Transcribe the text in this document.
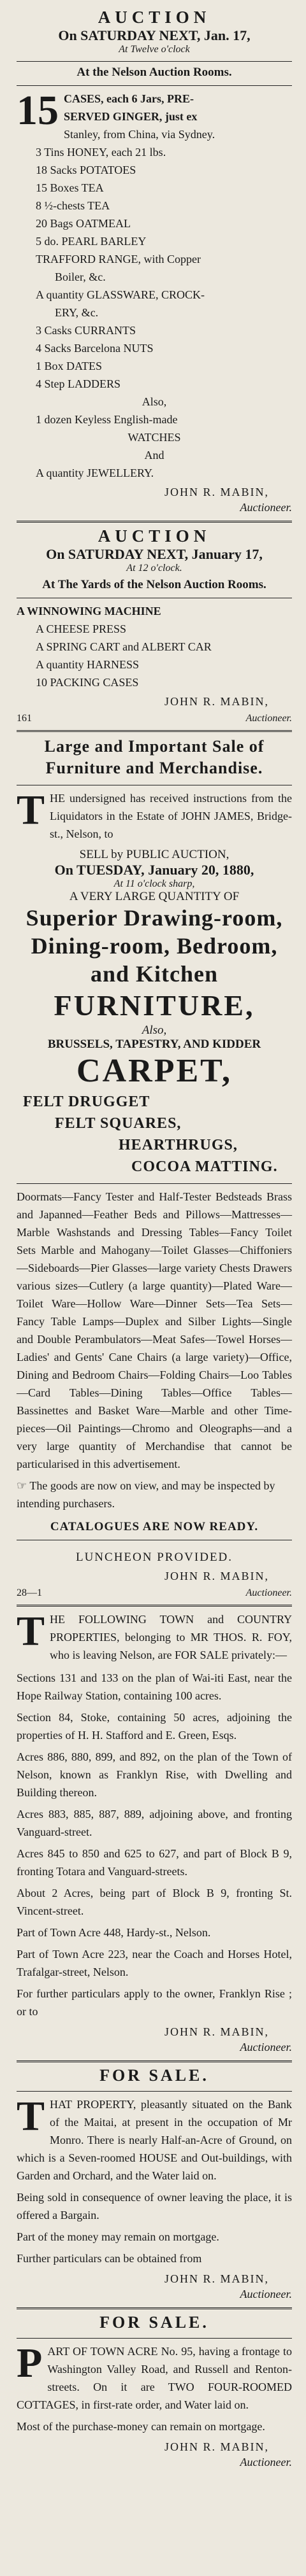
AUCTION
On SATURDAY NEXT, Jan. 17,
At Twelve o'clock
At the Nelson Auction Rooms.
15 CASES, each 6 Jars, PRE-
SERVED GINGER, just ex
Stanley, from China, via Sydney.
3 Tins HONEY, each 21 lbs.
18 Sacks POTATOES
15 Boxes TEA
8 ½-chests TEA
20 Bags OATMEAL
5 do. PEARL BARLEY
TRAFFORD RANGE, with Copper
Boiler, &c.
A quantity GLASSWARE, CROCK-
ERY, &c.
3 Casks CURRANTS
4 Sacks Barcelona NUTS
1 Box DATES
4 Step LADDERS
Also,
1 dozen Keyless English-made
WATCHES
And
A quantity JEWELLERY.
JOHN R. MABIN,
Auctioneer.
AUCTION
On SATURDAY NEXT, January 17,
At 12 o'clock.
At The Yards of the Nelson Auction Rooms.
A WINNOWING MACHINE
A CHEESE PRESS
A SPRING CART and ALBERT CAR
A quantity HARNESS
10 PACKING CASES
JOHN R. MABIN,
161	Auctioneer.
Large and Important Sale of
Furniture and Merchandise.
T HE undersigned has received instructions from the Liquidators in the Estate of JOHN JAMES, Bridge-st., Nelson, to
SELL by PUBLIC AUCTION,
On TUESDAY, January 20, 1880,
At 11 o'clock sharp,
A VERY LARGE QUANTITY OF
Superior Drawing-room,
Dining-room, Bedroom,
and Kitchen
FURNITURE,
Also,
BRUSSELS, TAPESTRY, AND KIDDER
CARPET,
FELT DRUGGET
FELT SQUARES,
HEARTHRUGS,
COCOA MATTING.

Doormats—Fancy Tester and Half-Tester Bedsteads Brass and Japanned—Feather Beds and Pillows—Mattresses—Marble Washstands and Dressing Tables—Fancy Toilet Sets Marble and Mahogany—Toilet Glasses—Chiffoniers—Sideboards—Pier Glasses—large variety Chests Drawers various sizes—Cutlery (a large quantity)—Plated Ware—Toilet Ware—Hollow Ware—Dinner Sets—Tea Sets—Fancy Table Lamps—Duplex and Silber Lights—Single and Double Perambulators—Meat Safes—Towel Horses—Ladies' and Gents' Cane Chairs (a large variety)—Office, Dining and Bedroom Chairs—Folding Chairs—Loo Tables—Card Tables—Dining Tables—Office Tables—Bassinettes and Basket Ware—Marble and other Time-pieces—Oil Paintings—Chromo and Oleographs—and a very large quantity of Merchandise that cannot be particularised in this advertisement.

☞ The goods are now on view, and may be inspected by intending purchasers.
CATALOGUES ARE NOW READY.
LUNCHEON PROVIDED.
JOHN R. MABIN,
28—1	Auctioneer.
T HE FOLLOWING TOWN and COUNTRY PROPERTIES, belonging to MR THOS. R. FOY, who is leaving Nelson, are FOR SALE privately:—

Sections 131 and 133 on the plan of Wai-iti East, near the Hope Railway Station, containing 100 acres.

Section 84, Stoke, containing 50 acres, adjoining the properties of H. H. Stafford and E. Green, Esqs.

Acres 886, 880, 899, and 892, on the plan of the Town of Nelson, known as Franklyn Rise, with Dwelling and Building thereon.

Acres 883, 885, 887, 889, adjoining above, and fronting Vanguard-street.

Acres 845 to 850 and 625 to 627, and part of Block B 9, fronting Totara and Vanguard-streets.

About 2 Acres, being part of Block B 9, fronting St. Vincent-street.

Part of Town Acre 448, Hardy-st., Nelson.

Part of Town Acre 223, near the Coach and Horses Hotel, Trafalgar-street, Nelson.

For further particulars apply to the owner, Franklyn Rise ; or to

JOHN R. MABIN,
Auctioneer.
FOR SALE.
T HAT PROPERTY, pleasantly situated on the Bank of the Maitai, at present in the occupation of Mr Monro. There is nearly Half-an-Acre of Ground, on which is a Seven-roomed HOUSE and Out-buildings, with Garden and Orchard, and the Water laid on.

Being sold in consequence of owner leaving the place, it is offered a Bargain.

Part of the money may remain on mortgage.

Further particulars can be obtained from

JOHN R. MABIN,
Auctioneer.
FOR SALE.
P ART OF TOWN ACRE No. 95, having a frontage to Washington Valley Road, and Russell and Renton-streets. On it are TWO FOUR-ROOMED COTTAGES, in first-rate order, and Water laid on.

Most of the purchase-money can remain on mortgage.

JOHN R. MABIN,
Auctioneer.
